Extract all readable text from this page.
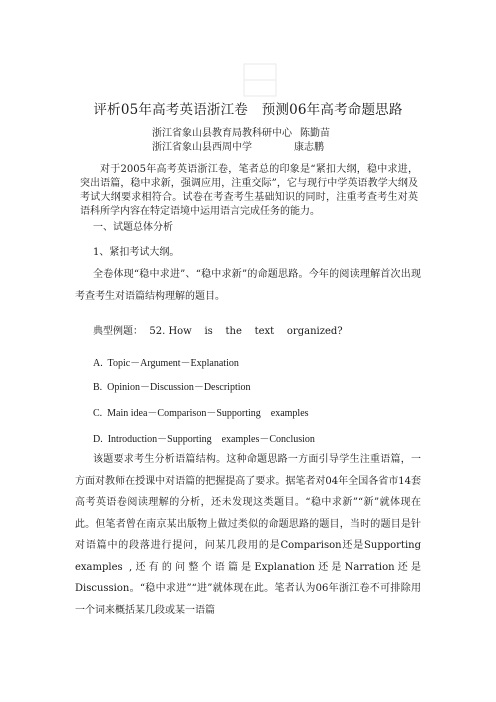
评析05年高考英语浙江卷　预测06年高考命题思路
浙江省象山县教育局教科研中心 陈勤苗
浙江省象山县西周中学	康志鹏

对于2005年高考英语浙江卷，笔者总的印象是“紧扣大纲，稳中求进，突出语篇，稳中求新，强调应用，注重交际”，它与现行中学英语教学大纲及考试大纲要求相符合。试卷在考查考生基础知识的同时，注重考查考生对英语科所学内容在特定语境中运用语言完成任务的能力。

一、试题总体分析

1、紧扣考试大纲。

全卷体现“稳中求进”、“稳中求新”的命题思路。今年的阅读理解首次出现考查考生对语篇结构理解的题目。

典型例题： 52. How    is    the    text    organized?
A.  Topic－Argument－Explanation
B.  Opinion－Discussion－Description
C.  Main idea－Comparison－Supporting    examples
D.  Introduction－Supporting    examples－Conclusion

该题要求考生分析语篇结构。这种命题思路一方面引导学生注重语篇，一方面对教师在授课中对语篇的把握提高了要求。据笔者对04年全国各省市14套高考英语卷阅读理解的分析，还未发现这类题目。“稳中求新”“新”就体现在此。但笔者曾在南京某出版物上做过类似的命题思路的题目，当时的题目是针对语篇中的段落进行提问，问某几段用的是Comparison还是Supporting examples ,还有的问整个语篇是Explanation还是Narration还是Discussion。“稳中求进”“进”就体现在此。笔者认为06年浙江卷不可排除用一个词来概括某几段或某一语篇
